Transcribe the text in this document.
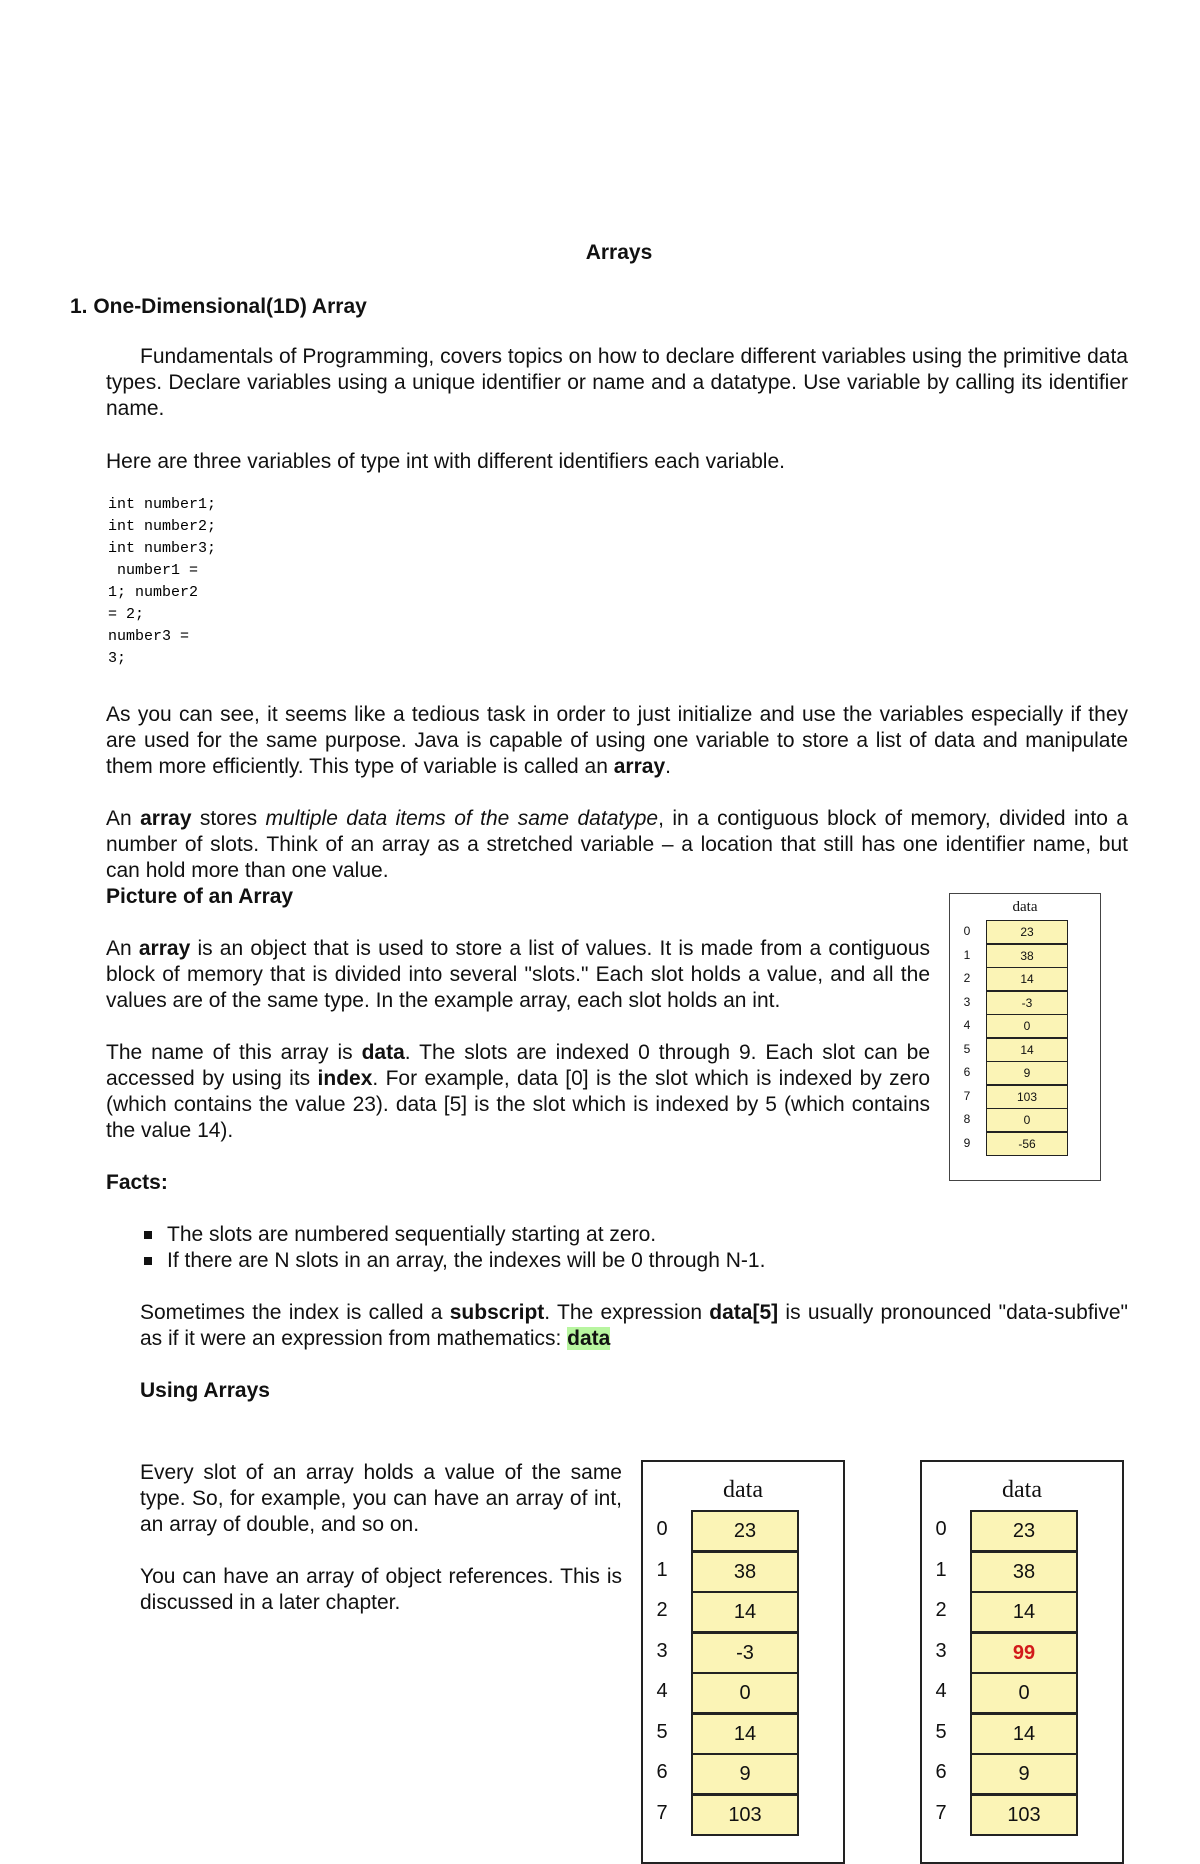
Arrays
1. One-Dimensional(1D) Array
Fundamentals of Programming, covers topics on how to declare different variables using the primitive data types. Declare variables using a unique identifier or name and a datatype. Use variable by calling its identifier name.
Here are three variables of type int with different identifiers each variable.
int number1;
int number2;
int number3;
number1 =
1; number2
= 2;
number3 =
3;
As you can see, it seems like a tedious task in order to just initialize and use the variables especially if they are used for the same purpose. Java is capable of using one variable to store a list of data and manipulate them more efficiently. This type of variable is called an array.
An array stores multiple data items of the same datatype, in a contiguous block of memory, divided into a number of slots. Think of an array as a stretched variable – a location that still has one identifier name, but can hold more than one value.
Picture of an Array
An array is an object that is used to store a list of values. It is made from a contiguous block of memory that is divided into several "slots." Each slot holds a value, and all the values are of the same type. In the example array, each slot holds an int.
The name of this array is data. The slots are indexed 0 through 9. Each slot can be accessed by using its index. For example, data [0] is the slot which is indexed by zero (which contains the value 23). data [5] is the slot which is indexed by 5 (which contains the value 14).
data
0	23
1	38
2	14
3	-3
4	0
5	14
6	9
7	103
8	0
9	-56
Facts:
The slots are numbered sequentially starting at zero.
If there are N slots in an array, the indexes will be 0 through N-1.
Sometimes the index is called a subscript. The expression data[5] is usually pronounced "data-subfive" as if it were an expression from mathematics: data
Using Arrays
Every slot of an array holds a value of the same type. So, for example, you can have an array of int, an array of double, and so on.
You can have an array of object references. This is discussed in a later chapter.
data
0	23
1	38
2	14
3	-3
4	0
5	14
6	9
7	103
data
0	23
1	38
2	14
3	99
4	0
5	14
6	9
7	103
